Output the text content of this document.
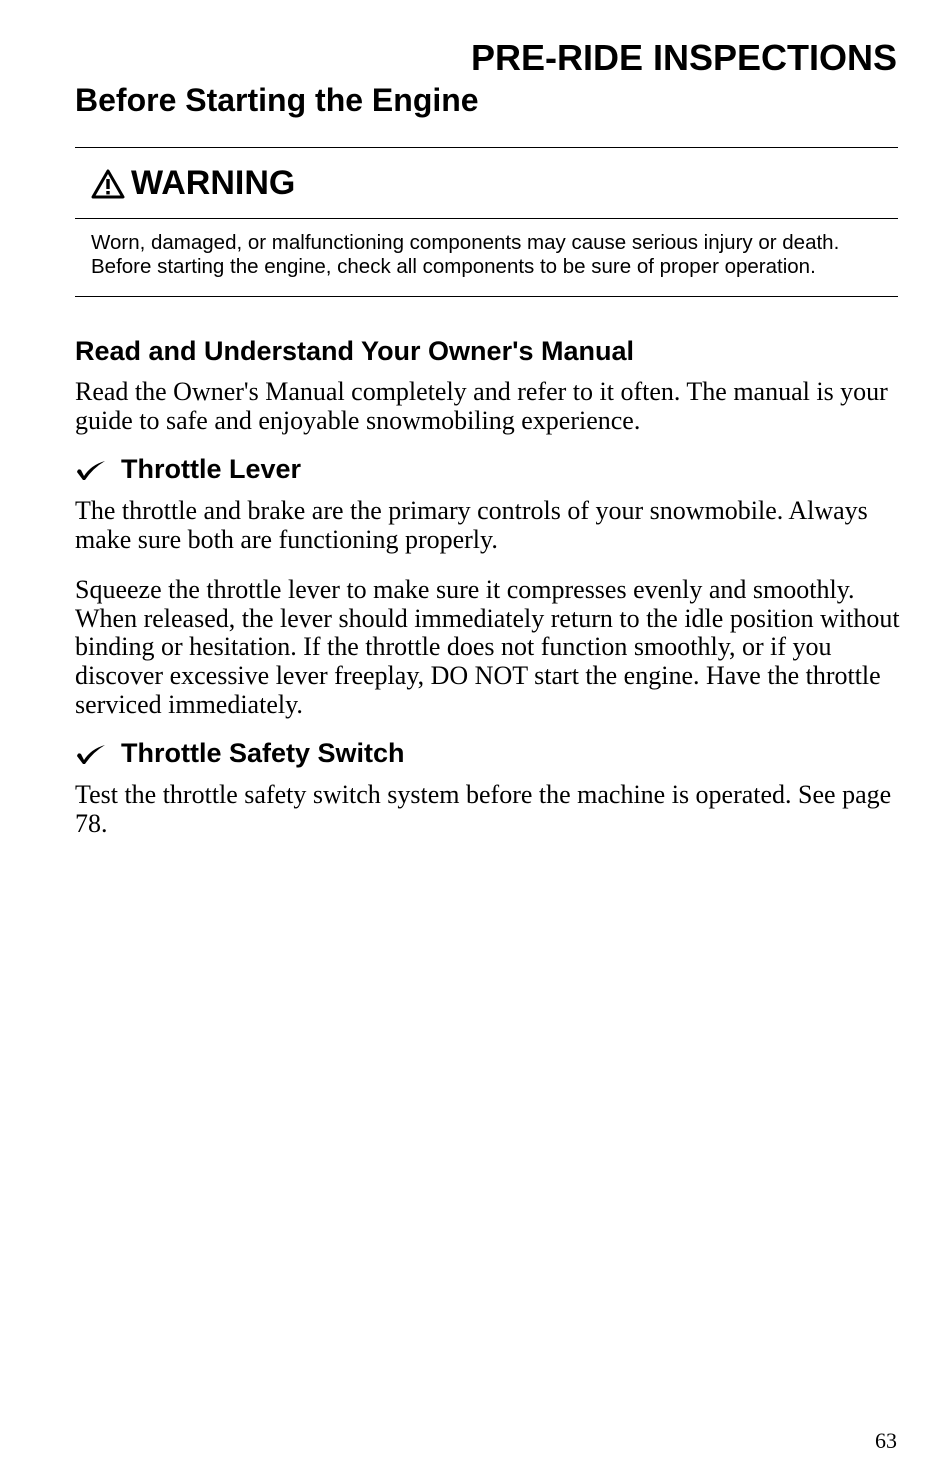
PRE-RIDE INSPECTIONS
Before Starting the Engine
WARNING

Worn, damaged, or malfunctioning components may cause serious injury or death. Before starting the engine, check all components to be sure of proper operation.

Read and Understand Your Owner's Manual

Read the Owner's Manual completely and refer to it often. The manual is your guide to safe and enjoyable snowmobiling experience.

Throttle Lever

The throttle and brake are the primary controls of your snowmobile. Always make sure both are functioning properly.

Squeeze the throttle lever to make sure it compresses evenly and smoothly. When released, the lever should immediately return to the idle position without binding or hesitation. If the throttle does not function smoothly, or if you discover excessive lever freeplay, DO NOT start the engine. Have the throttle serviced immediately.

Throttle Safety Switch

Test the throttle safety switch system before the machine is operated. See page 78.

63
